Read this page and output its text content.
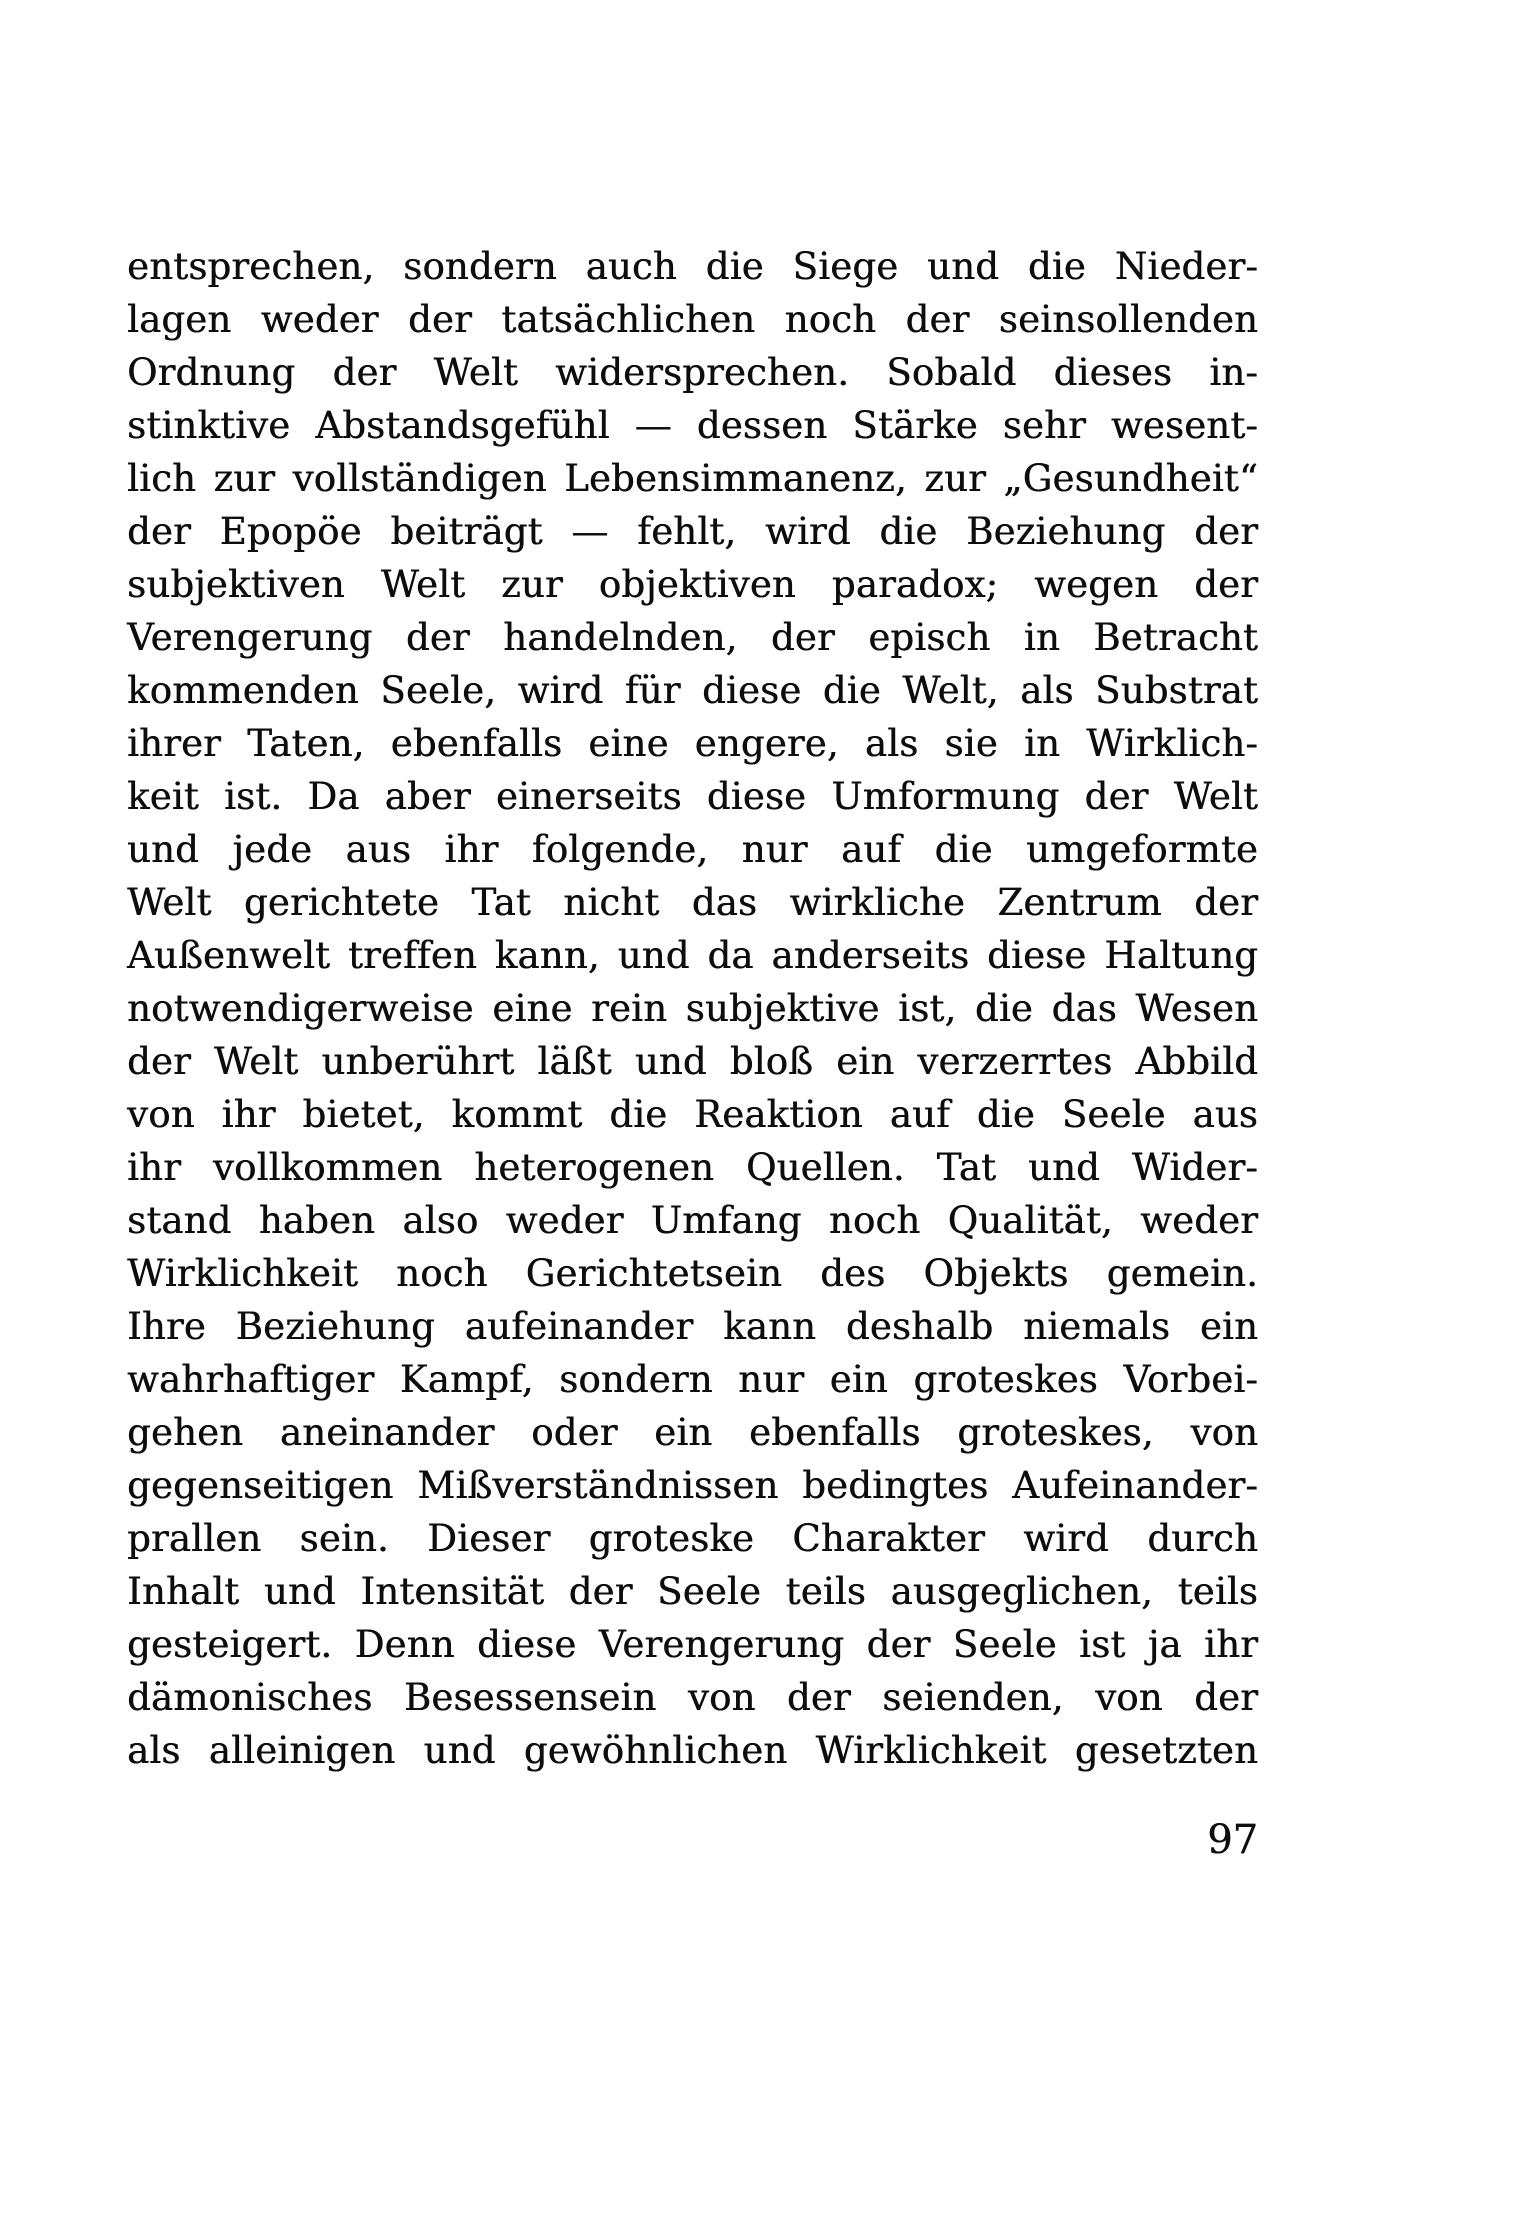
entsprechen, sondern auch die Siege und die Nieder-
lagen weder der tatsächlichen noch der seinsollenden
Ordnung der Welt widersprechen. Sobald dieses in-
stinktive Abstandsgefühl — dessen Stärke sehr wesent-
lich zur vollständigen Lebensimmanenz, zur „Gesundheit“
der Epopöe beiträgt — fehlt, wird die Beziehung der
subjektiven Welt zur objektiven paradox; wegen der
Verengerung der handelnden, der episch in Betracht
kommenden Seele, wird für diese die Welt, als Substrat
ihrer Taten, ebenfalls eine engere, als sie in Wirklich-
keit ist. Da aber einerseits diese Umformung der Welt
und jede aus ihr folgende, nur auf die umgeformte
Welt gerichtete Tat nicht das wirkliche Zentrum der
Außenwelt treffen kann, und da anderseits diese Haltung
notwendigerweise eine rein subjektive ist, die das Wesen
der Welt unberührt läßt und bloß ein verzerrtes Abbild
von ihr bietet, kommt die Reaktion auf die Seele aus
ihr vollkommen heterogenen Quellen. Tat und Wider-
stand haben also weder Umfang noch Qualität, weder
Wirklichkeit noch Gerichtetsein des Objekts gemein.
Ihre Beziehung aufeinander kann deshalb niemals ein
wahrhaftiger Kampf, sondern nur ein groteskes Vorbei-
gehen aneinander oder ein ebenfalls groteskes, von
gegenseitigen Mißverständnissen bedingtes Aufeinander-
prallen sein. Dieser groteske Charakter wird durch
Inhalt und Intensität der Seele teils ausgeglichen, teils
gesteigert. Denn diese Verengerung der Seele ist ja ihr
dämonisches Besessensein von der seienden, von der
als alleinigen und gewöhnlichen Wirklichkeit gesetzten
97
